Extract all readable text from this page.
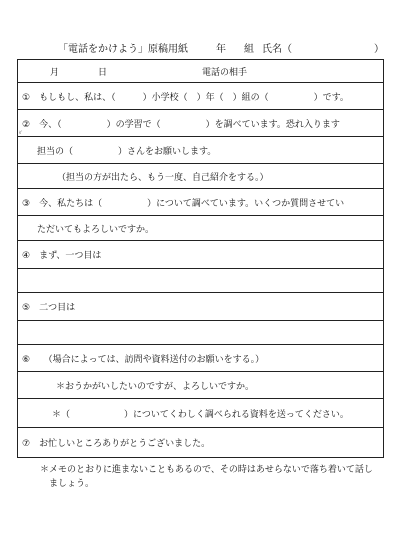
「電話をかけよう」原稿用紙	年 組 氏名（	）
月	日	電話の相手
①　もしもし、私は、（　　　）小学校（　）年（　）組の（　　　　　）です。
②　今、（　　　　　）の学習で（　　　　　）を調べています。恐れ入ります
ｶﾞ
担当の（　　　　　）さんをお願いします。
（担当の方が出たら、もう一度、自己紹介をする。）
③　今、私たちは（　　　　　）について調べています。いくつか質問させてい
ただいてもよろしいですか。
④　まず、一つ目は
⑤　二つ目は
⑥　　（場合によっては、訪問や資料送付のお願いをする。）
＊おうかがいしたいのですが、よろしいですか。
＊（　　　　　　）についてくわしく調べられる資料を送ってください。
⑦　お忙しいところありがとうございました。
＊メモのとおりに進まないこともあるので、その時はあせらないで落ち着いて話し
ましょう。
